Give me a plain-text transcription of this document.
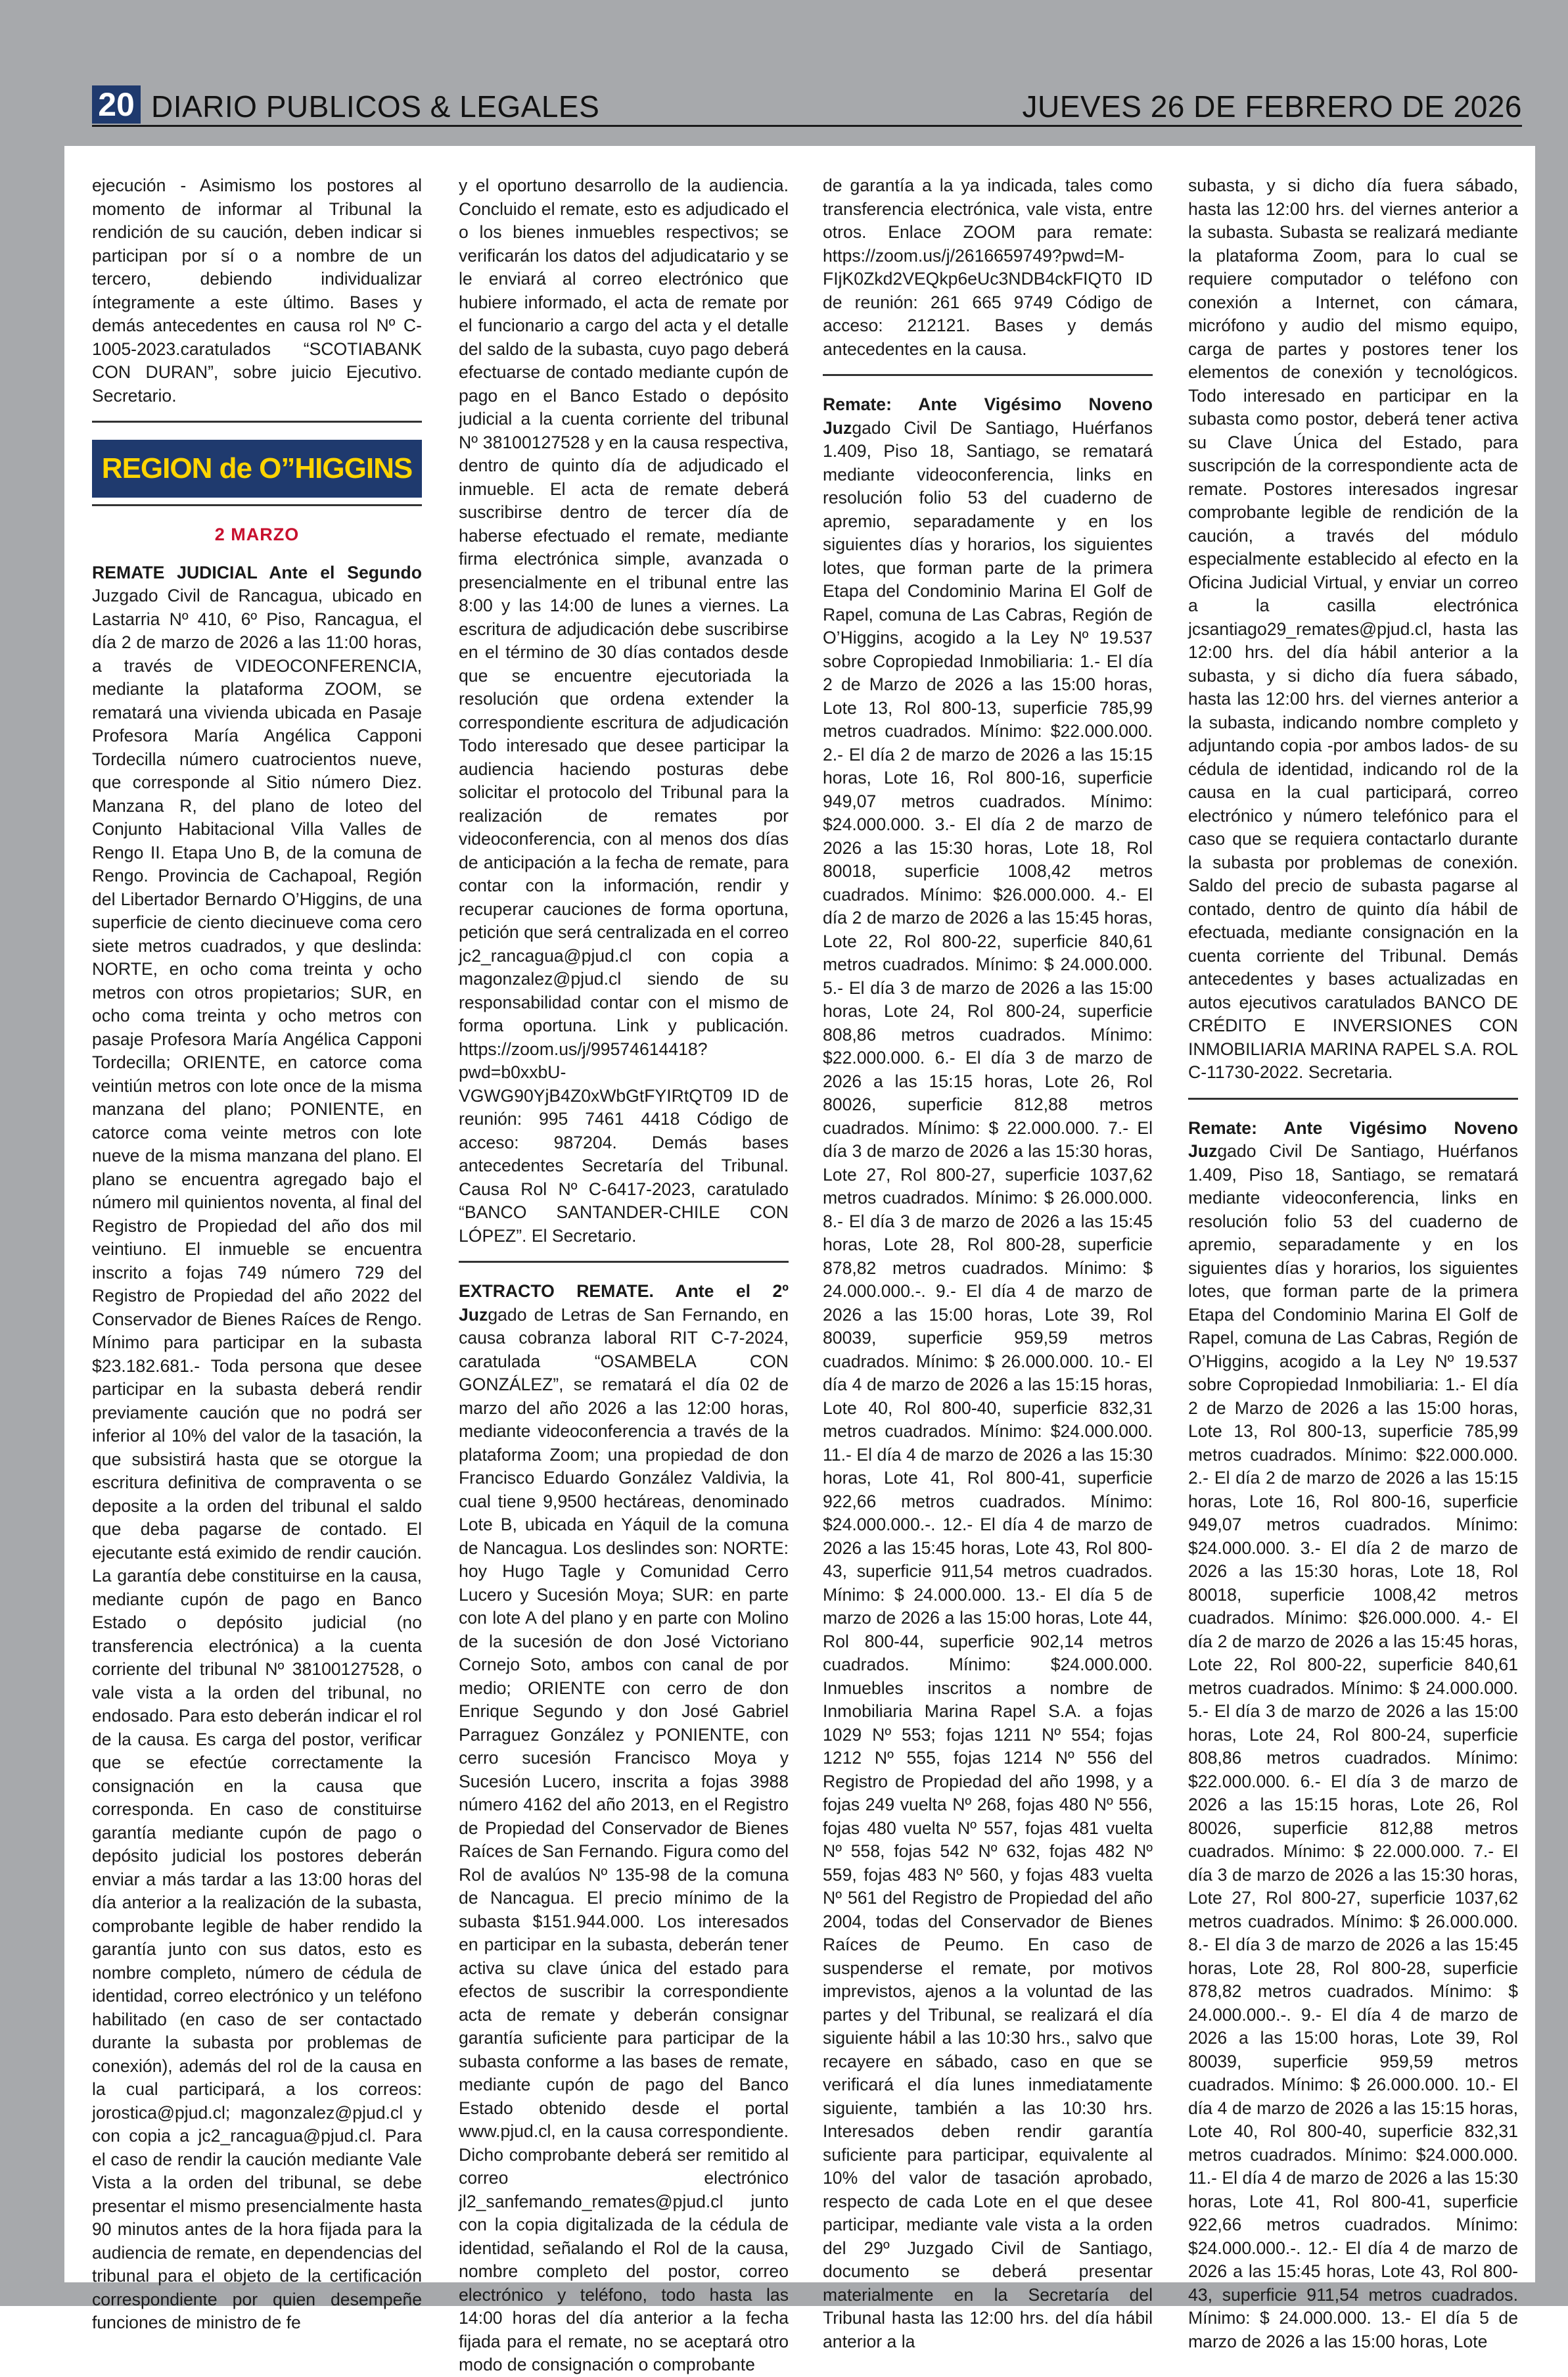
20 DIARIO PUBLICOS & LEGALES	JUEVES 26 DE FEBRERO DE 2026

ejecución - Asimismo los postores al momento de informar al Tribunal la rendición de su caución, deben indicar si participan por sí o a nombre de un tercero, debiendo individualizar íntegramente a este último. Bases y demás antecedentes en causa rol Nº C-1005-2023.caratulados “SCOTIABANK CON DURAN”, sobre juicio Ejecutivo. Secretario.

REGION de O”HIGGINS
2 MARZO

REMATE JUDICIAL Ante el Segundo Juzgado Civil de Rancagua, ubicado en Lastarria Nº 410, 6º Piso, Rancagua, el día 2 de marzo de 2026 a las 11:00 horas, a través de VIDEOCONFERENCIA, mediante la plataforma ZOOM, se rematará una vivienda ubicada en Pasaje Profesora María Angélica Capponi Tordecilla número cuatrocientos nueve, que corresponde al Sitio número Diez. Manzana R, del plano de loteo del Conjunto Habitacional Villa Valles de Rengo II. Etapa Uno B, de la comuna de Rengo. Provincia de Cachapoal, Región del Libertador Bernardo O’Higgins, de una superficie de ciento diecinueve coma cero siete metros cuadrados, y que deslinda: NORTE, en ocho coma treinta y ocho metros con otros propietarios; SUR, en ocho coma treinta y ocho metros con pasaje Profesora María Angélica Capponi Tordecilla; ORIENTE, en catorce coma veintiún metros con lote once de la misma manzana del plano; PONIENTE, en catorce coma veinte metros con lote nueve de la misma manzana del plano. El plano se encuentra agregado bajo el número mil quinientos noventa, al final del Registro de Propiedad del año dos mil veintiuno. El inmueble se encuentra inscrito a fojas 749 número 729 del Registro de Propiedad del año 2022 del Conservador de Bienes Raíces de Rengo. Mínimo para participar en la subasta $23.182.681.- Toda persona que desee participar en la subasta deberá rendir previamente caución que no podrá ser inferior al 10% del valor de la tasación, la que subsistirá hasta que se otorgue la escritura definitiva de compraventa o se deposite a la orden del tribunal el saldo que deba pagarse de contado. El ejecutante está eximido de rendir caución. La garantía debe constituirse en la causa, mediante cupón de pago en Banco Estado o depósito judicial (no transferencia electrónica) a la cuenta corriente del tribunal Nº 38100127528, o vale vista a la orden del tribunal, no endosado. Para esto deberán indicar el rol de la causa. Es carga del postor, verificar que se efectúe correctamente la consignación en la causa que corresponda. En caso de constituirse garantía mediante cupón de pago o depósito judicial los postores deberán enviar a más tardar a las 13:00 horas del día anterior a la realización de la subasta, comprobante legible de haber rendido la garantía junto con sus datos, esto es nombre completo, número de cédula de identidad, correo electrónico y un teléfono habilitado (en caso de ser contactado durante la subasta por problemas de conexión), además del rol de la causa en la cual participará, a los correos: jorostica@pjud.cl; magonzalez@pjud.cl y con copia a jc2_rancagua@pjud.cl. Para el caso de rendir la caución mediante Vale Vista a la orden del tribunal, se debe presentar el mismo presencialmente hasta 90 minutos antes de la hora fijada para la audiencia de remate, en dependencias del tribunal para el objeto de la certificación correspondiente por quien desempeñe funciones de ministro de fe

y el oportuno desarrollo de la audiencia. Concluido el remate, esto es adjudicado el o los bienes inmuebles respectivos; se verificarán los datos del adjudicatario y se le enviará al correo electrónico que hubiere informado, el acta de remate por el funcionario a cargo del acta y el detalle del saldo de la subasta, cuyo pago deberá efectuarse de contado mediante cupón de pago en el Banco Estado o depósito judicial a la cuenta corriente del tribunal Nº 38100127528 y en la causa respectiva, dentro de quinto día de adjudicado el inmueble. El acta de remate deberá suscribirse dentro de tercer día de haberse efectuado el remate, mediante firma electrónica simple, avanzada o presencialmente en el tribunal entre las 8:00 y las 14:00 de lunes a viernes. La escritura de adjudicación debe suscribirse en el término de 30 días contados desde que se encuentre ejecutoriada la resolución que ordena extender la correspondiente escritura de adjudicación Todo interesado que desee participar la audiencia haciendo posturas debe solicitar el protocolo del Tribunal para la realización de remates por videoconferencia, con al menos dos días de anticipación a la fecha de remate, para contar con la información, rendir y recuperar cauciones de forma oportuna, petición que será centralizada en el correo jc2_rancagua@pjud.cl con copia a magonzalez@pjud.cl siendo de su responsabilidad contar con el mismo de forma oportuna. Link y publicación. https://zoom.us/j/99574614418?pwd=b0xxbU-VGWG90YjB4Z0xWbGtFYIRtQT09 ID de reunión: 995 7461 4418 Código de acceso: 987204. Demás bases antecedentes Secretaría del Tribunal. Causa Rol Nº C-6417-2023, caratulado “BANCO SANTANDER-CHILE CON LÓPEZ”. El Secretario.

EXTRACTO REMATE. Ante el 2º Juzgado de Letras de San Fernando, en causa cobranza laboral RIT C-7-2024, caratulada “OSAMBELA CON GONZÁLEZ”, se rematará el día 02 de marzo del año 2026 a las 12:00 horas, mediante videoconferencia a través de la plataforma Zoom; una propiedad de don Francisco Eduardo González Valdivia, la cual tiene 9,9500 hectáreas, denominado Lote B, ubicada en Yáquil de la comuna de Nancagua. Los deslindes son: NORTE: hoy Hugo Tagle y Comunidad Cerro Lucero y Sucesión Moya; SUR: en parte con lote A del plano y en parte con Molino de la sucesión de don José Victoriano Cornejo Soto, ambos con canal de por medio; ORIENTE con cerro de don Enrique Segundo y don José Gabriel Parraguez González y PONIENTE, con cerro sucesión Francisco Moya y Sucesión Lucero, inscrita a fojas 3988 número 4162 del año 2013, en el Registro de Propiedad del Conservador de Bienes Raíces de San Fernando. Figura como del Rol de avalúos Nº 135-98 de la comuna de Nancagua. El precio mínimo de la subasta $151.944.000. Los interesados en participar en la subasta, deberán tener activa su clave única del estado para efectos de suscribir la correspondiente acta de remate y deberán consignar garantía suficiente para participar de la subasta conforme a las bases de remate, mediante cupón de pago del Banco Estado obtenido desde el portal www.pjud.cl, en la causa correspondiente. Dicho comprobante deberá ser remitido al correo electrónico jl2_sanfemando_remates@pjud.cl junto con la copia digitalizada de la cédula de identidad, señalando el Rol de la causa, nombre completo del postor, correo electrónico y teléfono, todo hasta las 14:00 horas del día anterior a la fecha fijada para el remate, no se aceptará otro modo de consignación o comprobante

de garantía a la ya indicada, tales como transferencia electrónica, vale vista, entre otros. Enlace ZOOM para remate: https://zoom.us/j/2616659749?pwd=M-FIjK0Zkd2VEQkp6eUc3NDB4ckFIQT0 ID de reunión: 261 665 9749 Código de acceso: 212121. Bases y demás antecedentes en la causa.

Remate: Ante Vigésimo Noveno Juzgado Civil De Santiago, Huérfanos 1.409, Piso 18, Santiago, se rematará mediante videoconferencia, links en resolución folio 53 del cuaderno de apremio, separadamente y en los siguientes días y horarios, los siguientes lotes, que forman parte de la primera Etapa del Condominio Marina El Golf de Rapel, comuna de Las Cabras, Región de O’Higgins, acogido a la Ley Nº 19.537 sobre Copropiedad Inmobiliaria: 1.- El día 2 de Marzo de 2026 a las 15:00 horas, Lote 13, Rol 800-13, superficie 785,99 metros cuadrados. Mínimo: $22.000.000. 2.- El día 2 de marzo de 2026 a las 15:15 horas, Lote 16, Rol 800-16, superficie 949,07 metros cuadrados. Mínimo: $24.000.000. 3.- El día 2 de marzo de 2026 a las 15:30 horas, Lote 18, Rol 80018, superficie 1008,42 metros cuadrados. Mínimo: $26.000.000. 4.- El día 2 de marzo de 2026 a las 15:45 horas, Lote 22, Rol 800-22, superficie 840,61 metros cuadrados. Mínimo: $ 24.000.000. 5.- El día 3 de marzo de 2026 a las 15:00 horas, Lote 24, Rol 800-24, superficie 808,86 metros cuadrados. Mínimo: $22.000.000. 6.- El día 3 de marzo de 2026 a las 15:15 horas, Lote 26, Rol 80026, superficie 812,88 metros cuadrados. Mínimo: $ 22.000.000. 7.- El día 3 de marzo de 2026 a las 15:30 horas, Lote 27, Rol 800-27, superficie 1037,62 metros cuadrados. Mínimo: $ 26.000.000. 8.- El día 3 de marzo de 2026 a las 15:45 horas, Lote 28, Rol 800-28, superficie 878,82 metros cuadrados. Mínimo: $ 24.000.000.-. 9.- El día 4 de marzo de 2026 a las 15:00 horas, Lote 39, Rol 80039, superficie 959,59 metros cuadrados. Mínimo: $ 26.000.000. 10.- El día 4 de marzo de 2026 a las 15:15 horas, Lote 40, Rol 800-40, superficie 832,31 metros cuadrados. Mínimo: $24.000.000. 11.- El día 4 de marzo de 2026 a las 15:30 horas, Lote 41, Rol 800-41, superficie 922,66 metros cuadrados. Mínimo: $24.000.000.-. 12.- El día 4 de marzo de 2026 a las 15:45 horas, Lote 43, Rol 800-43, superficie 911,54 metros cuadrados. Mínimo: $ 24.000.000. 13.- El día 5 de marzo de 2026 a las 15:00 horas, Lote 44, Rol 800-44, superficie 902,14 metros cuadrados. Mínimo: $24.000.000. Inmuebles inscritos a nombre de Inmobiliaria Marina Rapel S.A. a fojas 1029 Nº 553; fojas 1211 Nº 554; fojas 1212 Nº 555, fojas 1214 Nº 556 del Registro de Propiedad del año 1998, y a fojas 249 vuelta Nº 268, fojas 480 Nº 556, fojas 480 vuelta Nº 557, fojas 481 vuelta Nº 558, fojas 542 Nº 632, fojas 482 Nº 559, fojas 483 Nº 560, y fojas 483 vuelta Nº 561 del Registro de Propiedad del año 2004, todas del Conservador de Bienes Raíces de Peumo. En caso de suspenderse el remate, por motivos imprevistos, ajenos a la voluntad de las partes y del Tribunal, se realizará el día siguiente hábil a las 10:30 hrs., salvo que recayere en sábado, caso en que se verificará el día lunes inmediatamente siguiente, también a las 10:30 hrs. Interesados deben rendir garantía suficiente para participar, equivalente al 10% del valor de tasación aprobado, respecto de cada Lote en el que desee participar, mediante vale vista a la orden del 29º Juzgado Civil de Santiago, documento se deberá presentar materialmente en la Secretaría del Tribunal hasta las 12:00 hrs. del día hábil anterior a la

subasta, y si dicho día fuera sábado, hasta las 12:00 hrs. del viernes anterior a la subasta. Subasta se realizará mediante la plataforma Zoom, para lo cual se requiere computador o teléfono con conexión a Internet, con cámara, micrófono y audio del mismo equipo, carga de partes y postores tener los elementos de conexión y tecnológicos. Todo interesado en participar en la subasta como postor, deberá tener activa su Clave Única del Estado, para suscripción de la correspondiente acta de remate. Postores interesados ingresar comprobante legible de rendición de la caución, a través del módulo especialmente establecido al efecto en la Oficina Judicial Virtual, y enviar un correo a la casilla electrónica jcsantiago29_remates@pjud.cl, hasta las 12:00 hrs. del día hábil anterior a la subasta, y si dicho día fuera sábado, hasta las 12:00 hrs. del viernes anterior a la subasta, indicando nombre completo y adjuntando copia -por ambos lados- de su cédula de identidad, indicando rol de la causa en la cual participará, correo electrónico y número telefónico para el caso que se requiera contactarlo durante la subasta por problemas de conexión. Saldo del precio de subasta pagarse al contado, dentro de quinto día hábil de efectuada, mediante consignación en la cuenta corriente del Tribunal. Demás antecedentes y bases actualizadas en autos ejecutivos caratulados BANCO DE CRÉDITO E INVERSIONES CON INMOBILIARIA MARINA RAPEL S.A. ROL C-11730-2022. Secretaria.

Remate: Ante Vigésimo Noveno Juzgado Civil De Santiago, Huérfanos 1.409, Piso 18, Santiago, se rematará mediante videoconferencia, links en resolución folio 53 del cuaderno de apremio, separadamente y en los siguientes días y horarios, los siguientes lotes, que forman parte de la primera Etapa del Condominio Marina El Golf de Rapel, comuna de Las Cabras, Región de O’Higgins, acogido a la Ley Nº 19.537 sobre Copropiedad Inmobiliaria: 1.- El día 2 de Marzo de 2026 a las 15:00 horas, Lote 13, Rol 800-13, superficie 785,99 metros cuadrados. Mínimo: $22.000.000. 2.- El día 2 de marzo de 2026 a las 15:15 horas, Lote 16, Rol 800-16, superficie 949,07 metros cuadrados. Mínimo: $24.000.000. 3.- El día 2 de marzo de 2026 a las 15:30 horas, Lote 18, Rol 80018, superficie 1008,42 metros cuadrados. Mínimo: $26.000.000. 4.- El día 2 de marzo de 2026 a las 15:45 horas, Lote 22, Rol 800-22, superficie 840,61 metros cuadrados. Mínimo: $ 24.000.000. 5.- El día 3 de marzo de 2026 a las 15:00 horas, Lote 24, Rol 800-24, superficie 808,86 metros cuadrados. Mínimo: $22.000.000. 6.- El día 3 de marzo de 2026 a las 15:15 horas, Lote 26, Rol 80026, superficie 812,88 metros cuadrados. Mínimo: $ 22.000.000. 7.- El día 3 de marzo de 2026 a las 15:30 horas, Lote 27, Rol 800-27, superficie 1037,62 metros cuadrados. Mínimo: $ 26.000.000. 8.- El día 3 de marzo de 2026 a las 15:45 horas, Lote 28, Rol 800-28, superficie 878,82 metros cuadrados. Mínimo: $ 24.000.000.-. 9.- El día 4 de marzo de 2026 a las 15:00 horas, Lote 39, Rol 80039, superficie 959,59 metros cuadrados. Mínimo: $ 26.000.000. 10.- El día 4 de marzo de 2026 a las 15:15 horas, Lote 40, Rol 800-40, superficie 832,31 metros cuadrados. Mínimo: $24.000.000. 11.- El día 4 de marzo de 2026 a las 15:30 horas, Lote 41, Rol 800-41, superficie 922,66 metros cuadrados. Mínimo: $24.000.000.-. 12.- El día 4 de marzo de 2026 a las 15:45 horas, Lote 43, Rol 800-43, superficie 911,54 metros cuadrados. Mínimo: $ 24.000.000. 13.- El día 5 de marzo de 2026 a las 15:00 horas, Lote
